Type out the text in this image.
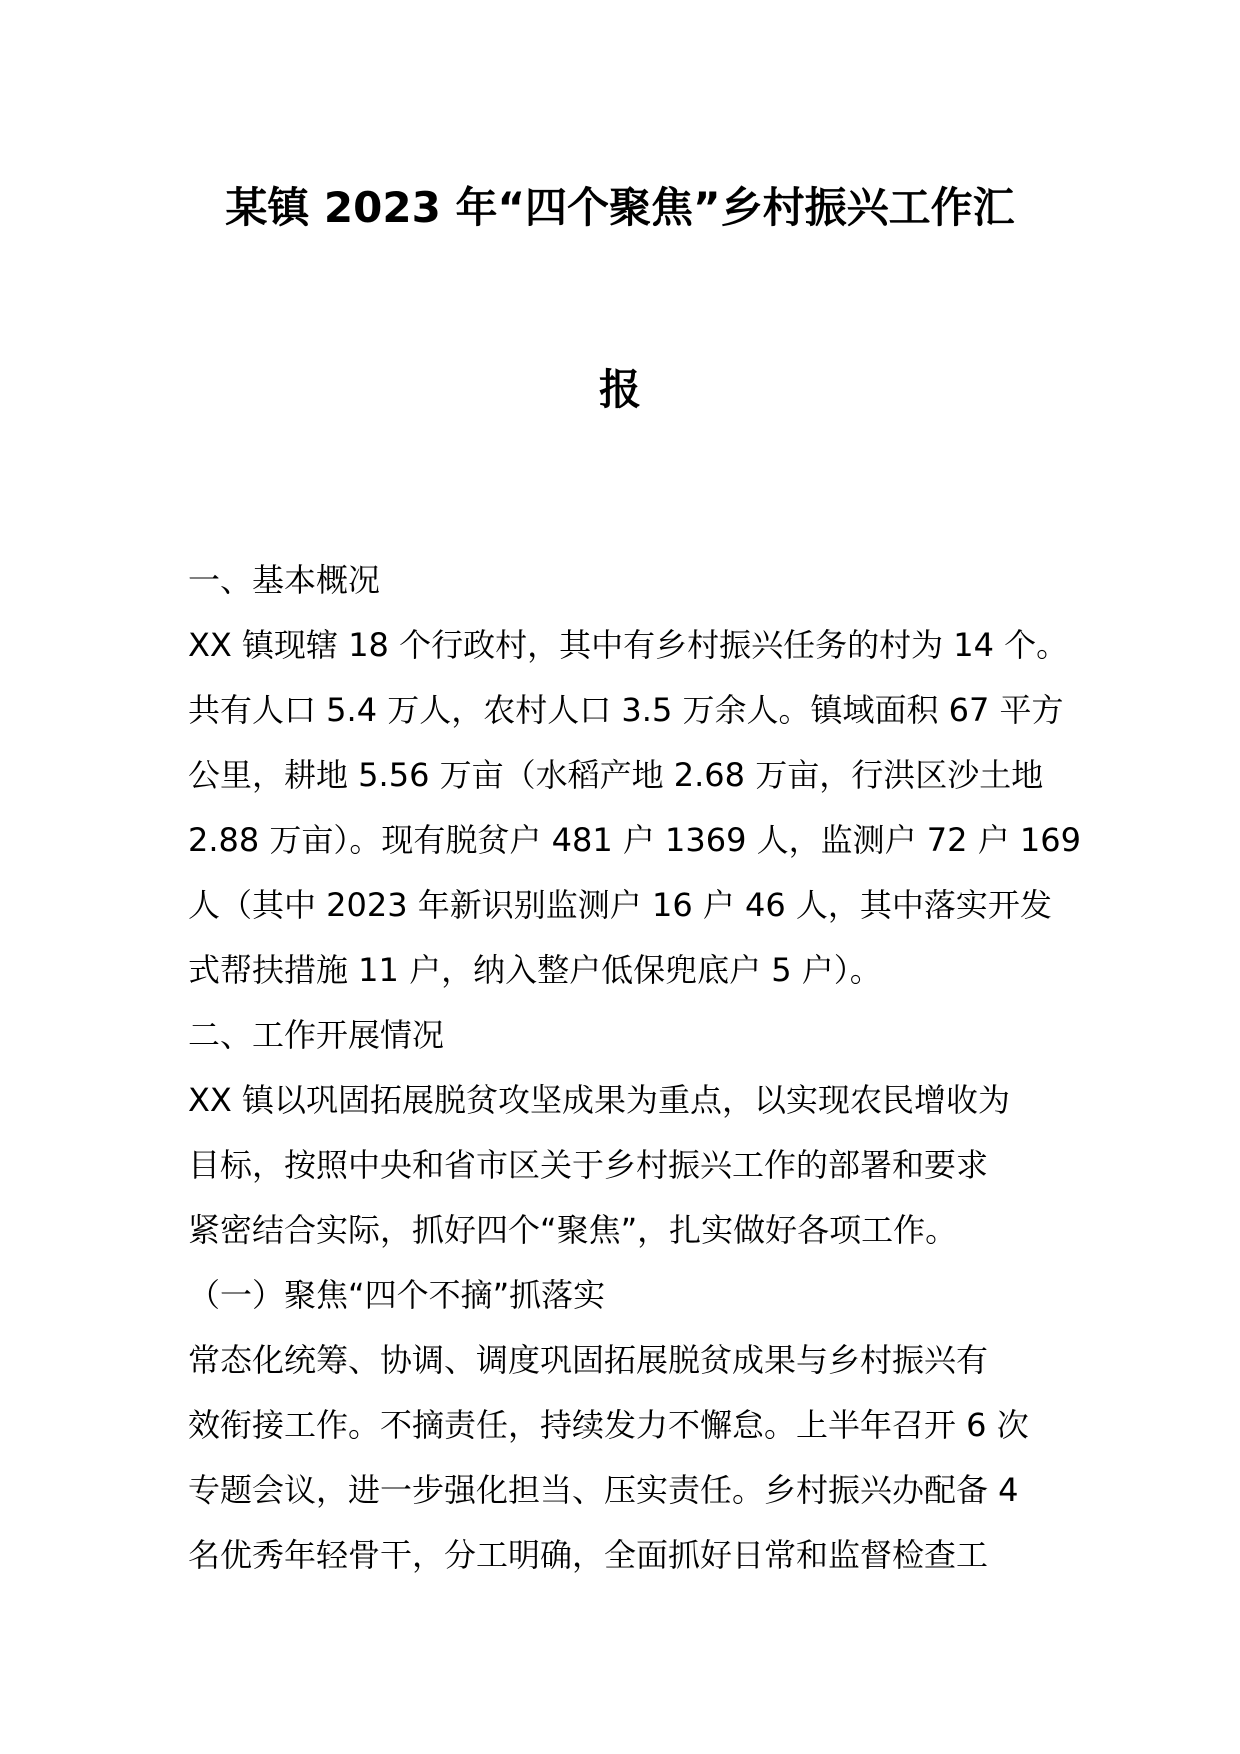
某镇 2023 年“四个聚焦”乡村振兴工作汇
报
一、基本概况
XX 镇现辖 18 个行政村，其中有乡村振兴任务的村为 14 个。
共有人口 5.4 万人，农村人口 3.5 万余人。镇域面积 67 平方
公里，耕地 5.56 万亩（水稻产地 2.68 万亩，行洪区沙土地
2.88 万亩）。现有脱贫户 481 户 1369 人，监测户 72 户 169
人（其中 2023 年新识别监测户 16 户 46 人，其中落实开发
式帮扶措施 11 户，纳入整户低保兜底户 5 户）。
二、工作开展情况
XX 镇以巩固拓展脱贫攻坚成果为重点，以实现农民增收为
目标，按照中央和省市区关于乡村振兴工作的部署和要求
紧密结合实际，抓好四个“聚焦”，扎实做好各项工作。
（一）聚焦“四个不摘”抓落实
常态化统筹、协调、调度巩固拓展脱贫成果与乡村振兴有
效衔接工作。不摘责任，持续发力不懈怠。上半年召开 6 次
专题会议，进一步强化担当、压实责任。乡村振兴办配备 4
名优秀年轻骨干，分工明确，全面抓好日常和监督检查工
